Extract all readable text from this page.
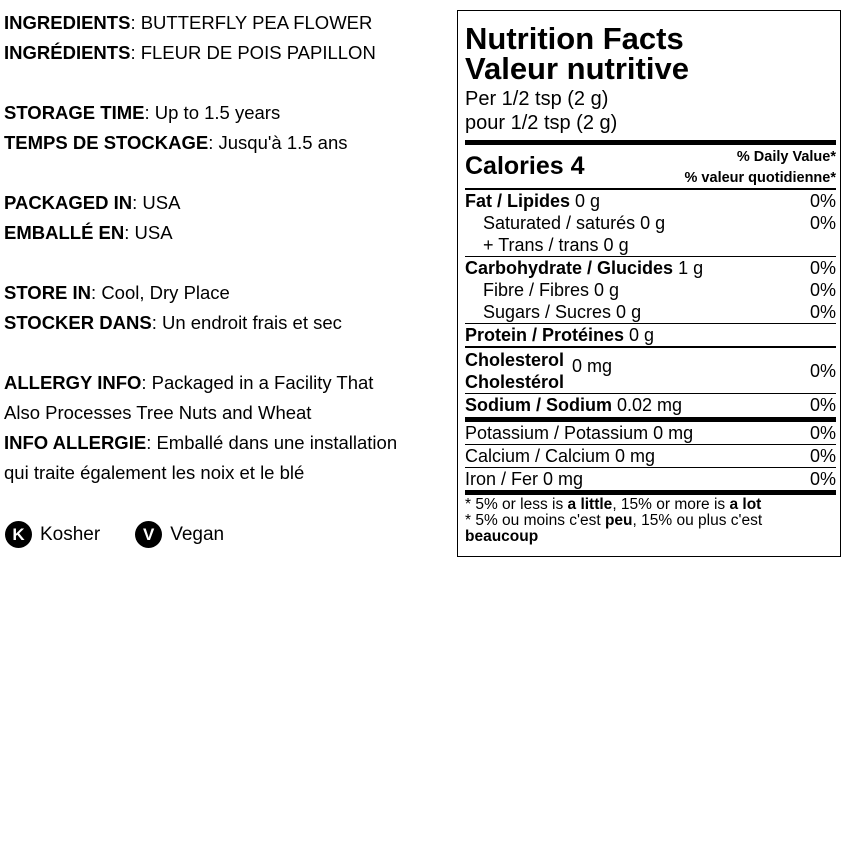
INGREDIENTS: BUTTERFLY PEA FLOWER
INGRÉDIENTS: FLEUR DE POIS PAPILLON
STORAGE TIME: Up to 1.5 years
TEMPS DE STOCKAGE: Jusqu'à 1.5 ans
PACKAGED IN: USA
EMBALLÉ EN: USA
STORE IN: Cool, Dry Place
STOCKER DANS: Un endroit frais et sec
ALLERGY INFO: Packaged in a Facility That
Also Processes Tree Nuts and Wheat
INFO ALLERGIE: Emballé dans une installation
qui traite également les noix et le blé
K Kosher	V Vegan
Nutrition Facts
Valeur nutritive
Per 1/2 tsp (2 g)
pour 1/2 tsp (2 g)
Calories 4	% Daily Value*
% valeur quotidienne*
Fat / Lipides 0 g	0%
Saturated / saturés 0 g	0%
+ Trans / trans 0 g
Carbohydrate / Glucides 1 g	0%
Fibre / Fibres 0 g	0%
Sugars / Sucres 0 g	0%
Protein / Protéines 0 g
Cholesterol
Cholestérol
0 mg	0%
Sodium / Sodium 0.02 mg	0%
Potassium / Potassium 0 mg	0%
Calcium / Calcium 0 mg	0%
Iron / Fer 0 mg	0%
* 5% or less is a little, 15% or more is a lot
* 5% ou moins c'est peu, 15% ou plus c'est
beaucoup
